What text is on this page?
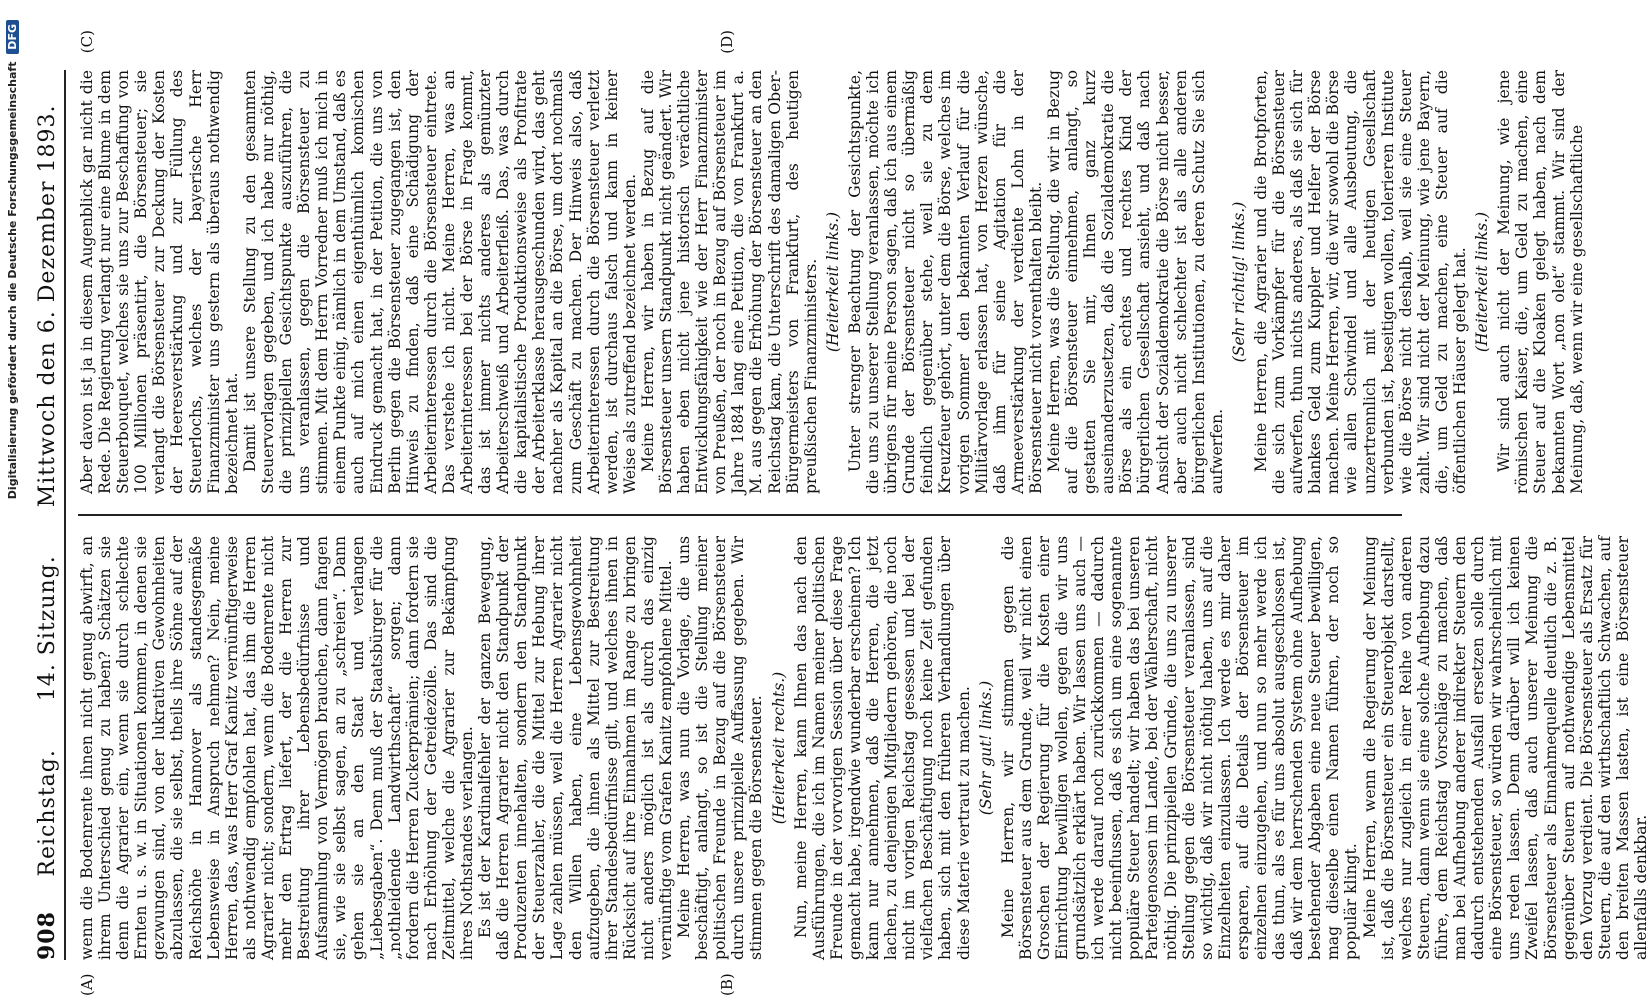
Digitalisierung gefördert durch die Deutsche Forschungsgemeinschaft DFG
908
Reichstag.      14. Sitzung.      Mittwoch den 6. Dezember 1893.
(A)	(B)

wenn die Bodenrente ihnen nicht genug abwirft, an ihrem Unterschied genug zu haben? Schätzen sie denn die Agrarier ein, wenn sie durch schlechte Ernten u. s. w. in Situationen kommen, in denen sie gezwungen sind, von der lukrativen Gewohnheiten abzulassen, die sie selbst, theils ihre Söhne auf der Reichshöhe in Hannover als standesgemäße Lebensweise in Anspruch nehmen? Nein, meine Herren, das, was Herr Graf Kanitz vernünftigerweise als nothwendig empfohlen hat, das ihm die Herren Agrarier nicht; sondern, wenn die Bodenrente nicht mehr den Ertrag liefert, der die Herren zur Bestreitung ihrer Lebensbedürfnisse und Aufsammlung von Vermögen brauchen, dann fangen sie, wie sie selbst sagen, an zu „schreien“. Dann gehen sie an den Staat und verlangen „Liebesgaben“. Denn muß der Staatsbürger für die „nothleidende Landwirthschaft“ sorgen; dann fordern die Herren Zuckerprämien; dann fordern sie nach Erhöhung der Getreidezölle. Das sind die Zeitmittel, welche die Agrarier zur Bekämpfung ihres Nothstandes verlangen. Es ist der Kardinalfehler der ganzen Bewegung, daß die Herren Agrarier nicht den Standpunkt der Produzenten innehalten, sondern den Standpunkt der Steuerzahler, die die Mittel zur Hebung ihrer Lage zahlen müssen, weil die Herren Agrarier nicht den Willen haben, eine Lebensgewohnheit aufzugeben, die ihnen als Mittel zur Bestreitung ihrer Standesbedürfnisse gilt, und welches ihnen in Rücksicht auf ihre Einnahmen im Range zu bringen nicht anders möglich ist als durch das einzig vernünftige vom Grafen Kanitz empfohlene Mittel. Meine Herren, was nun die Vorlage, die uns beschäftigt, anlangt, so ist die Stellung meiner politischen Freunde in Bezug auf die Börsensteuer durch unsere prinzipielle Auffassung gegeben. Wir stimmen gegen die Börsensteuer. (Heiterkeit rechts.) Nun, meine Herren, kann Ihnen das nach den Ausführungen, die ich im Namen meiner politischen Freunde in der vorvorigen Session über diese Frage gemacht habe, irgendwie wunderbar erscheinen? Ich kann nur annehmen, daß die Herren, die jetzt lachen, zu denjenigen Mitgliedern gehören, die noch nicht im vorigen Reichstag gesessen und bei der vielfachen Beschäftigung noch keine Zeit gefunden haben, sich mit den früheren Verhandlungen über diese Materie vertraut zu machen. (Sehr gut! links.) Meine Herren, wir stimmen gegen die Börsensteuer aus dem Grunde, weil wir nicht einen Groschen der Regierung für die Kosten einer Einrichtung bewilligen wollen, gegen die wir uns grundsätzlich erklärt haben. Wir lassen uns auch — ich werde darauf noch zurückkommen — dadurch nicht beeinflussen, daß es sich um eine sogenannte populäre Steuer handelt; wir haben das bei unseren Parteigenossen im Lande, bei der Wählerschaft, nicht nöthig. Die prinzipiellen Gründe, die uns zu unserer Stellung gegen die Börsensteuer veranlassen, sind so wichtig, daß wir nicht nöthig haben, uns auf die Einzelheiten einzulassen. Ich werde es mir daher ersparen, auf die Details der Börsensteuer im einzelnen einzugehen, und nun so mehr werde ich das thun, als es für uns absolut ausgeschlossen ist, daß wir dem herrschenden System ohne Aufhebung bestehender Abgaben eine neue Steuer bewilligen, mag dieselbe einen Namen führen, der noch so populär klingt. Meine Herren, wenn die Regierung der Meinung ist, daß die Börsensteuer ein Steuerobjekt darstellt, welches nur zugleich in einer Reihe von anderen Steuern, dann wenn sie eine solche Aufhebung dazu führe, dem Reichstag Vorschläge zu machen, daß man bei Aufhebung anderer indirekter Steuern den dadurch entstehenden Ausfall ersetzen solle durch eine Börsensteuer, so würden wir wahrscheinlich mit uns reden lassen. Denn darüber will ich keinen Zweifel lassen, daß auch unserer Meinung die Börsensteuer als Einnahmequelle deutlich die z. B. gegenüber Steuern auf nothwendige Lebensmittel den Vorzug verdient. Die Börsensteuer als Ersatz für Steuern, die auf den wirthschaftlich Schwachen, auf den breiten Massen lasten, ist eine Börsensteuer allenfalls denkbar.

(C)	(D)

Aber davon ist ja in diesem Augenblick gar nicht die Rede. Die Regierung verlangt nur eine Blume in dem Steuerbouquet, welches sie uns zur Beschaffung von 100 Millionen präsentirt, die Börsensteuer; sie verlangt die Börsensteuer zur Deckung der Kosten der Heeresverstärkung und zur Füllung des Steuerlochs, welches der bayerische Herr Finanzminister uns gestern als überaus nothwendig bezeichnet hat. Damit ist unsere Stellung zu den gesammten Steuervorlagen gegeben, und ich habe nur nöthig, die prinzipiellen Gesichtspunkte auszuführen, die uns veranlassen, gegen die Börsensteuer zu stimmen. Mit dem Herrn Vorredner muß ich mich in einem Punkte einig, nämlich in dem Umstand, daß es auch auf mich einen eigenthümlich komischen Eindruck gemacht hat, in der Petition, die uns von Berlin gegen die Börsensteuer zugegangen ist, den Hinweis zu finden, daß eine Schädigung der Arbeiterinteressen durch die Börsensteuer eintrete. Das verstehe ich nicht. Meine Herren, was an Arbeiterinteressen bei der Börse in Frage kommt, das ist immer nichts anderes als gemünzter Arbeiterschweiß und Arbeiterfleiß. Das, was durch die kapitalistische Produktionsweise als Profitrate der Arbeiterklasse herausgeschunden wird, das geht nachher als Kapital an die Börse, um dort nochmals zum Geschäft zu machen. Der Hinweis also, daß Arbeiterinteressen durch die Börsensteuer verletzt werden, ist durchaus falsch und kann in keiner Weise als zutreffend bezeichnet werden. Meine Herren, wir haben in Bezug auf die Börsensteuer unsern Standpunkt nicht geändert. Wir haben eben nicht jene historisch verächtliche Entwicklungsfähigkeit wie der Herr Finanzminister von Preußen, der noch in Bezug auf Börsensteuer im Jahre 1884 lang eine Petition, die von Frankfurt a. M. aus gegen die Erhöhung der Börsensteuer an den Reichstag kam, die Unterschrift des damaligen Ober-Bürgermeisters von Frankfurt, des heutigen preußischen Finanzministers. (Heiterkeit links.) Unter strenger Beachtung der Gesichtspunkte, die uns zu unserer Stellung veranlassen, möchte ich übrigens für meine Person sagen, daß ich aus einem Grunde der Börsensteuer nicht so übermäßig feindlich gegenüber stehe, weil sie zu dem Kreuzfeuer gehört, unter dem die Börse, welches im vorigen Sommer den bekannten Verlauf für die Militärvorlage erlassen hat, von Herzen wünsche, daß ihm für seine Agitation für die Armeeverstärkung der verdiente Lohn in der Börsensteuer nicht vorenthalten bleibt. Meine Herren, was die Stellung, die wir in Bezug auf die Börsensteuer einnehmen, anlangt, so gestatten Sie mir, Ihnen ganz kurz auseinanderzusetzen, daß die Sozialdemokratie die Börse als ein echtes und rechtes Kind der bürgerlichen Gesellschaft ansieht, und daß nach Ansicht der Sozialdemokratie die Börse nicht besser, aber auch nicht schlechter ist als alle anderen bürgerlichen Institutionen, zu deren Schutz Sie sich aufwerfen.

(Sehr richtig! links.) Meine Herren, die Agrarier und die Brotpforten, die sich zum Vorkämpfer für die Börsensteuer aufwerfen, thun nichts anderes, als daß sie sich für blankes Geld zum Kuppler und Helfer der Börse machen. Meine Herren, wir, die wir sowohl die Börse wie allen Schwindel und alle Ausbeutung, die unzertrennlich mit der heutigen Gesellschaft verbunden ist, beseitigen wollen, tolerieren Institute wie die Börse nicht deshalb, weil sie eine Steuer zahlt. Wir sind nicht der Meinung, wie jene Bayern, die, um Geld zu machen, eine Steuer auf die öffentlichen Häuser gelegt hat. (Heiterkeit links.) Wir sind auch nicht der Meinung, wie jene römischen Kaiser, die, um Geld zu machen, eine Steuer auf die Kloaken gelegt haben, nach dem bekannten Wort „non olet“ stammt. Wir sind der Meinung, daß, wenn wir eine gesellschaftliche
